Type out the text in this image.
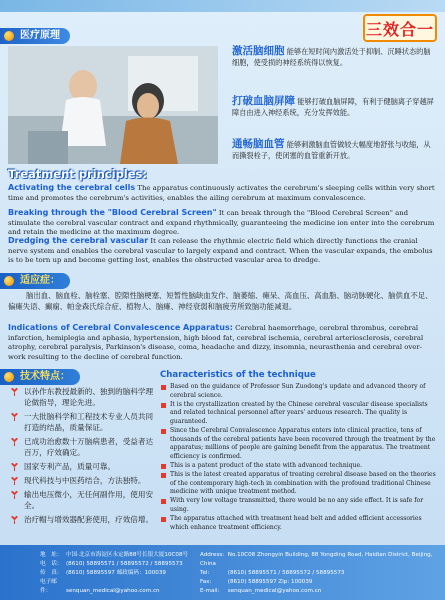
医疗原理	三效合一
激活脑细胞 能够在短时间内激活处于抑制、沉睡状态的脑细胞，使受损的神经系统得以恢复。
打破血脑屏障 能够打破血脑屏障，有利于健脑离子穿越屏障自由进入神经系统，充分发挥效能。
通畅脑血管 能够刺激脑血管做较大幅度地舒张与收缩，从而撕裂栓子，使闭塞的血管重新开放。
Treatment principles:
Activating the cerebral cells The apparatus continuously activates the cerebrum's sleeping cells within very short time and promotes the cerebrum's activities, enables the ailing cerebrum at maximum convalescence.
Breaking through the "Blood Cerebral Screen" It can break through the "Blood Cerebral Screen" and stimulate the cerebral vascular contract and expand rhythmically, guaranteeing the medicine ion enter into the cerebrum and retain the medicine at the maximum degree.
Dredging the cerebral vascular It can release the rhythmic electric field which directly functions the cranial nerve system and enables the cerebral vascular to largely expand and contract. When the vascular expands, the embolus is to be torn up and become getting lost, enables the obstructed vascular area to dredge.
适应症：
脑出血、脑血栓、脑栓塞、腔隙性脑梗塞、短暂性脑缺血发作、脑萎缩、瘫呆、高血压、高血脂、脑动脉硬化、脑供血不足、偏瘫失语、癫痫、帕金森氏综合症、植物人、脑瘫、神经衰弱和脑疲劳所致脑功能减退。
Indications of Cerebral Convalescence Apparatus: Cerebral haemorrhage, cerebral thrombus, cerebral infarction, hemiplegia and aphasia, hypertension, high blood fat, cerebral ischemia, cerebral arteriosclerosis, cerebral atrophy, cerebral paralysis, Parkinson's disease, coma, headache and dizzy, insomnia, neurasthenia and cerebral over-work resulting to the decline of cerebral function.
技术特点：	Characteristics of the technique
以孙作东教授最新的、独到的脑科学理论做指导，理论先进。
一大批脑科学和工程技术专业人员共同打造的结晶，质量保证。
已成功治愈数十万脑病患者，受益者达百万，疗效确定。
国家专利产品，质量可靠。
现代科技与中医药结合，方法独特。
输出电压微小，无任何副作用，使用安全。
治疗帽与增效器配套使用，疗效倍增。
Based on the guidance of Professor Sun Zuodong's update and advanced theory of cerebral science.
It is the crystallization created by the Chinese cerebral vascular disease specialists and related technical personnel after years' arduous research. The quality is guaranteed.
Since the Cerebral Convalescence Apparatus enters into clinical practice, tens of thousands of the cerebral patients have been recovered through the treatment by the apparatus; millions of people are gaining benefit from the apparatus. The treatment efficiency is confirmed.
This is a patent product of the state with advanced technique.
This is the latest created apparatus of treating cerebral disease based on the theories of the contemporary high-tech in combination with the profound traditional Chinese medicine with unique treatment method.
With very low voltage transmitted, there would be no any side effect. It is safe for using.
The apparatus attached with treatment head belt and added efficient accessories which enhance treatment efficiency.
地　址： 中国·北京市海淀区永定路88号长银大厦10C08号
电　话： (8610) 58895571 / 58895572 / 58895573
传　真： (8610) 58895597 邮政编码：100039
电子邮件：	senquan_medical@yahoo.com.cn
Address: No.10C08 Zhongyin Building, 88 Yongding Road, Haidian District, Beijing, China
Tel:	(8610) 58895571 / 58895572 / 58895573
Fax:	(8610) 58895597 Zip: 100039
E-mail: senquan_medical@yahoo.com.cn
